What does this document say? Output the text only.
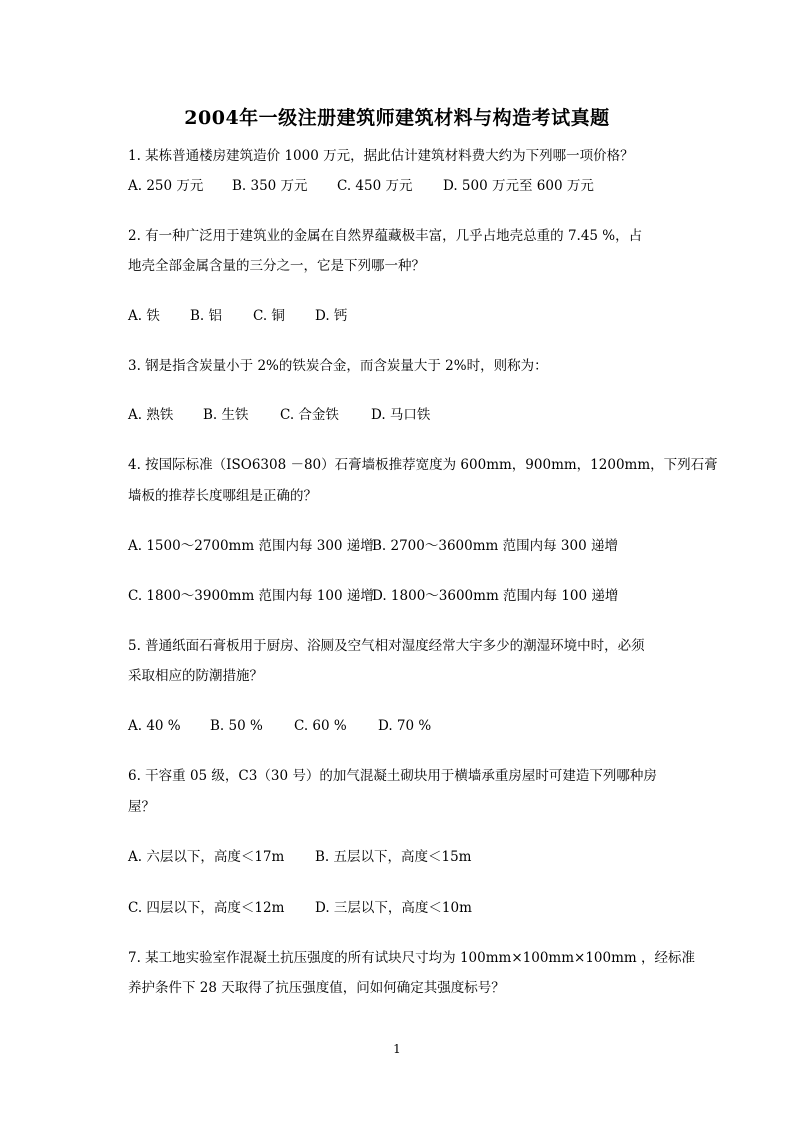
2004年一级注册建筑师建筑材料与构造考试真题
1. 某栋普通楼房建筑造价 1000 万元，据此估计建筑材料费大约为下列哪一项价格？
A. 250 万元 B. 350 万元 C. 450 万元 D. 500 万元至 600 万元
2. 有一种广泛用于建筑业的金属在自然界蕴藏极丰富，几乎占地壳总重的 7.45 %，占
地壳全部金属含量的三分之一，它是下列哪一种？
A. 铁 B. 铝 C. 铜 D. 钙
3. 钢是指含炭量小于 2%的铁炭合金，而含炭量大于 2%时，则称为：
A. 熟铁 B. 生铁 C. 合金铁 D. 马口铁
4. 按国际标准（ISO6308 －80）石膏墙板推荐宽度为 600mm，900mm，1200mm，下列石膏
墙板的推荐长度哪组是正确的？
A. 1500～2700mm 范围内每 300 递增B. 2700～3600mm 范围内每 300 递增
C. 1800～3900mm 范围内每 100 递增D. 1800～3600mm 范围内每 100 递增
5. 普通纸面石膏板用于厨房、浴厕及空气相对湿度经常大宇多少的潮湿环境中时，必须
采取相应的防潮措施？
A. 40 % B. 50 % C. 60 % D. 70 %
6. 干容重 05 级，C3（30 号）的加气混凝土砌块用于横墙承重房屋时可建造下列哪种房
屋？
A. 六层以下，高度＜17m B. 五层以下，高度＜15m
C. 四层以下，高度＜12m D. 三层以下，高度＜10m
7. 某工地实验室作混凝土抗压强度的所有试块尺寸均为 100mm×100mm×100mm ，经标准
养护条件下 28 天取得了抗压强度值，问如何确定其强度标号？
1
